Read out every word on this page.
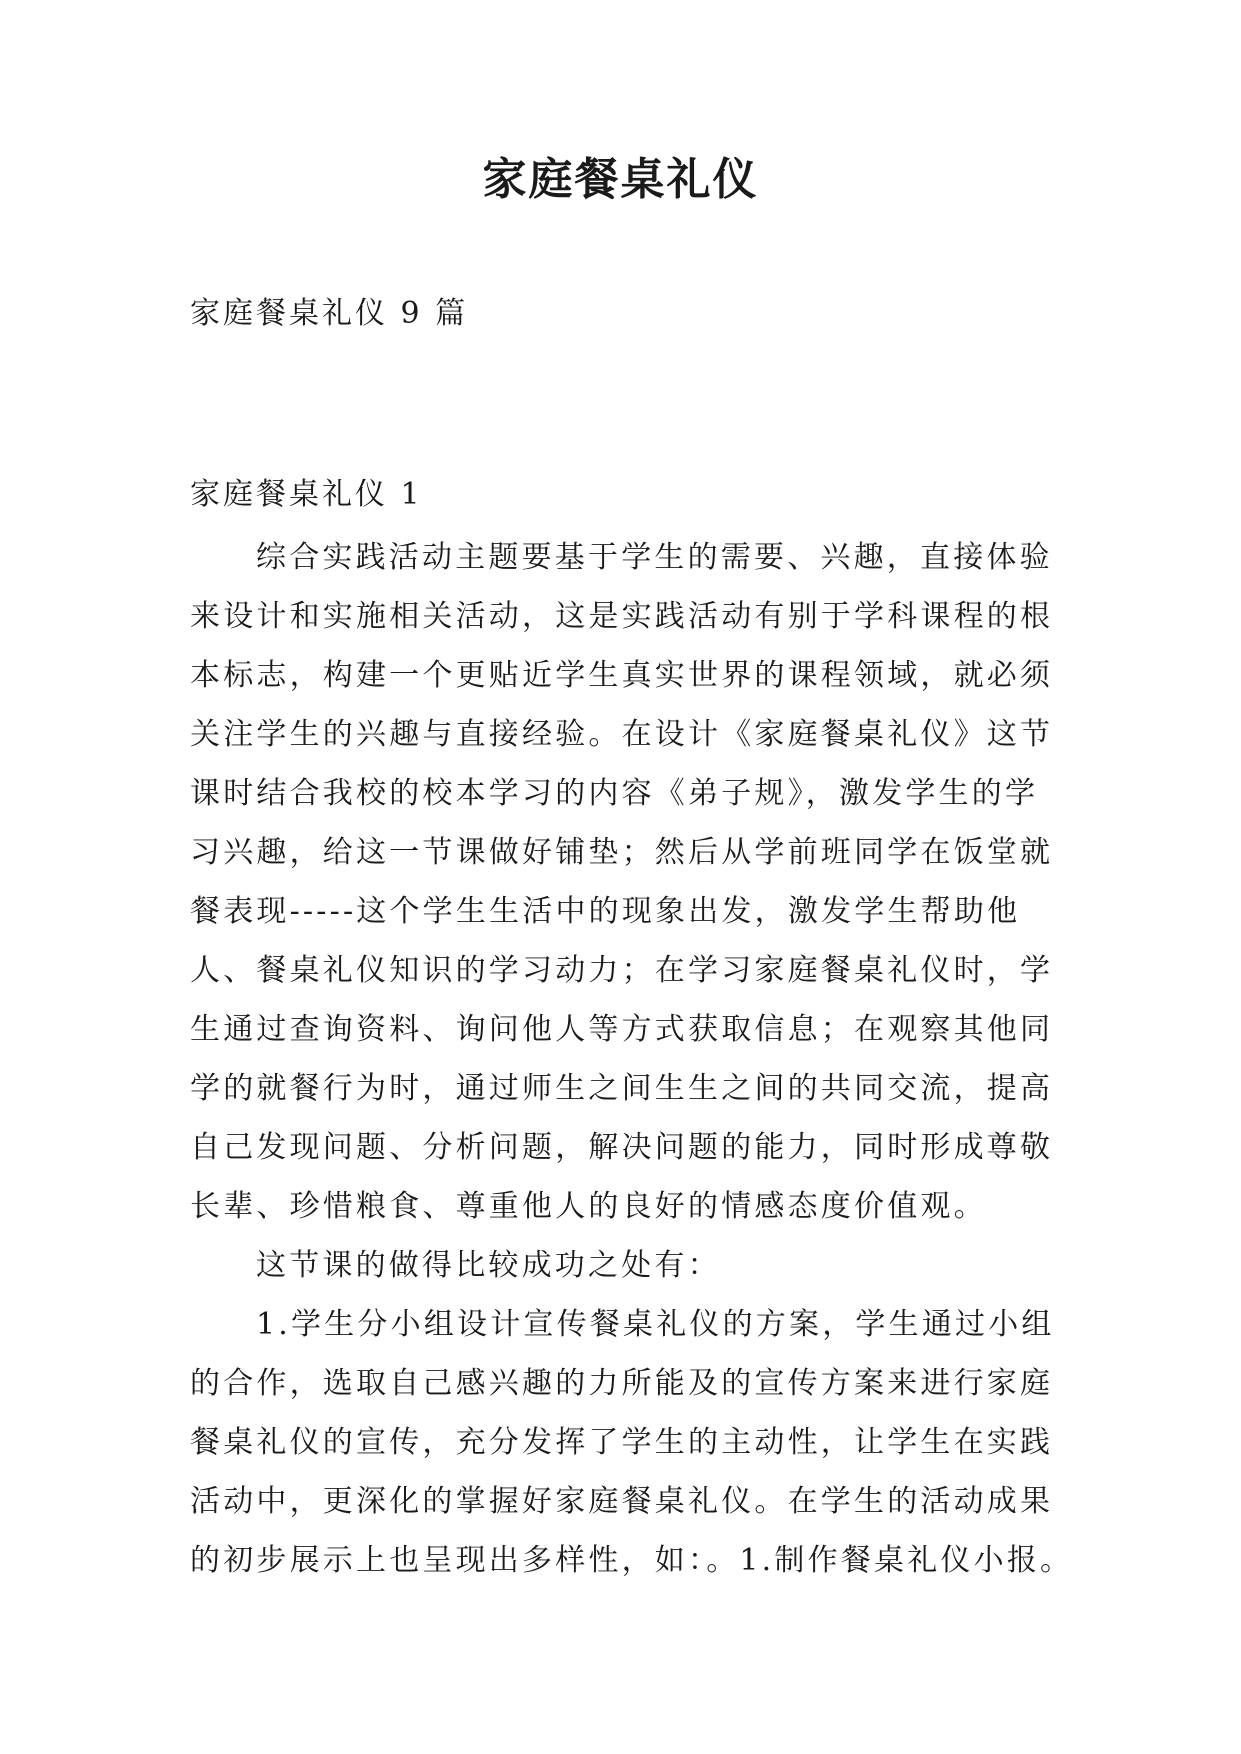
家庭餐桌礼仪
家庭餐桌礼仪 9 篇
家庭餐桌礼仪 1
综合实践活动主题要基于学生的需要、兴趣，直接体验
来设计和实施相关活动，这是实践活动有别于学科课程的根
本标志，构建一个更贴近学生真实世界的课程领域，就必须
关注学生的兴趣与直接经验。在设计《家庭餐桌礼仪》这节
课时结合我校的校本学习的内容《弟子规》，激发学生的学
习兴趣，给这一节课做好铺垫；然后从学前班同学在饭堂就
餐表现-----这个学生生活中的现象出发，激发学生帮助他
人、餐桌礼仪知识的学习动力；在学习家庭餐桌礼仪时，学
生通过查询资料、询问他人等方式获取信息；在观察其他同
学的就餐行为时，通过师生之间生生之间的共同交流，提高
自己发现问题、分析问题，解决问题的能力，同时形成尊敬
长辈、珍惜粮食、尊重他人的良好的情感态度价值观。
这节课的做得比较成功之处有：
1.学生分小组设计宣传餐桌礼仪的方案，学生通过小组
的合作，选取自己感兴趣的力所能及的宣传方案来进行家庭
餐桌礼仪的宣传，充分发挥了学生的主动性，让学生在实践
活动中，更深化的掌握好家庭餐桌礼仪。在学生的活动成果
的初步展示上也呈现出多样性，如：。1.制作餐桌礼仪小报。
